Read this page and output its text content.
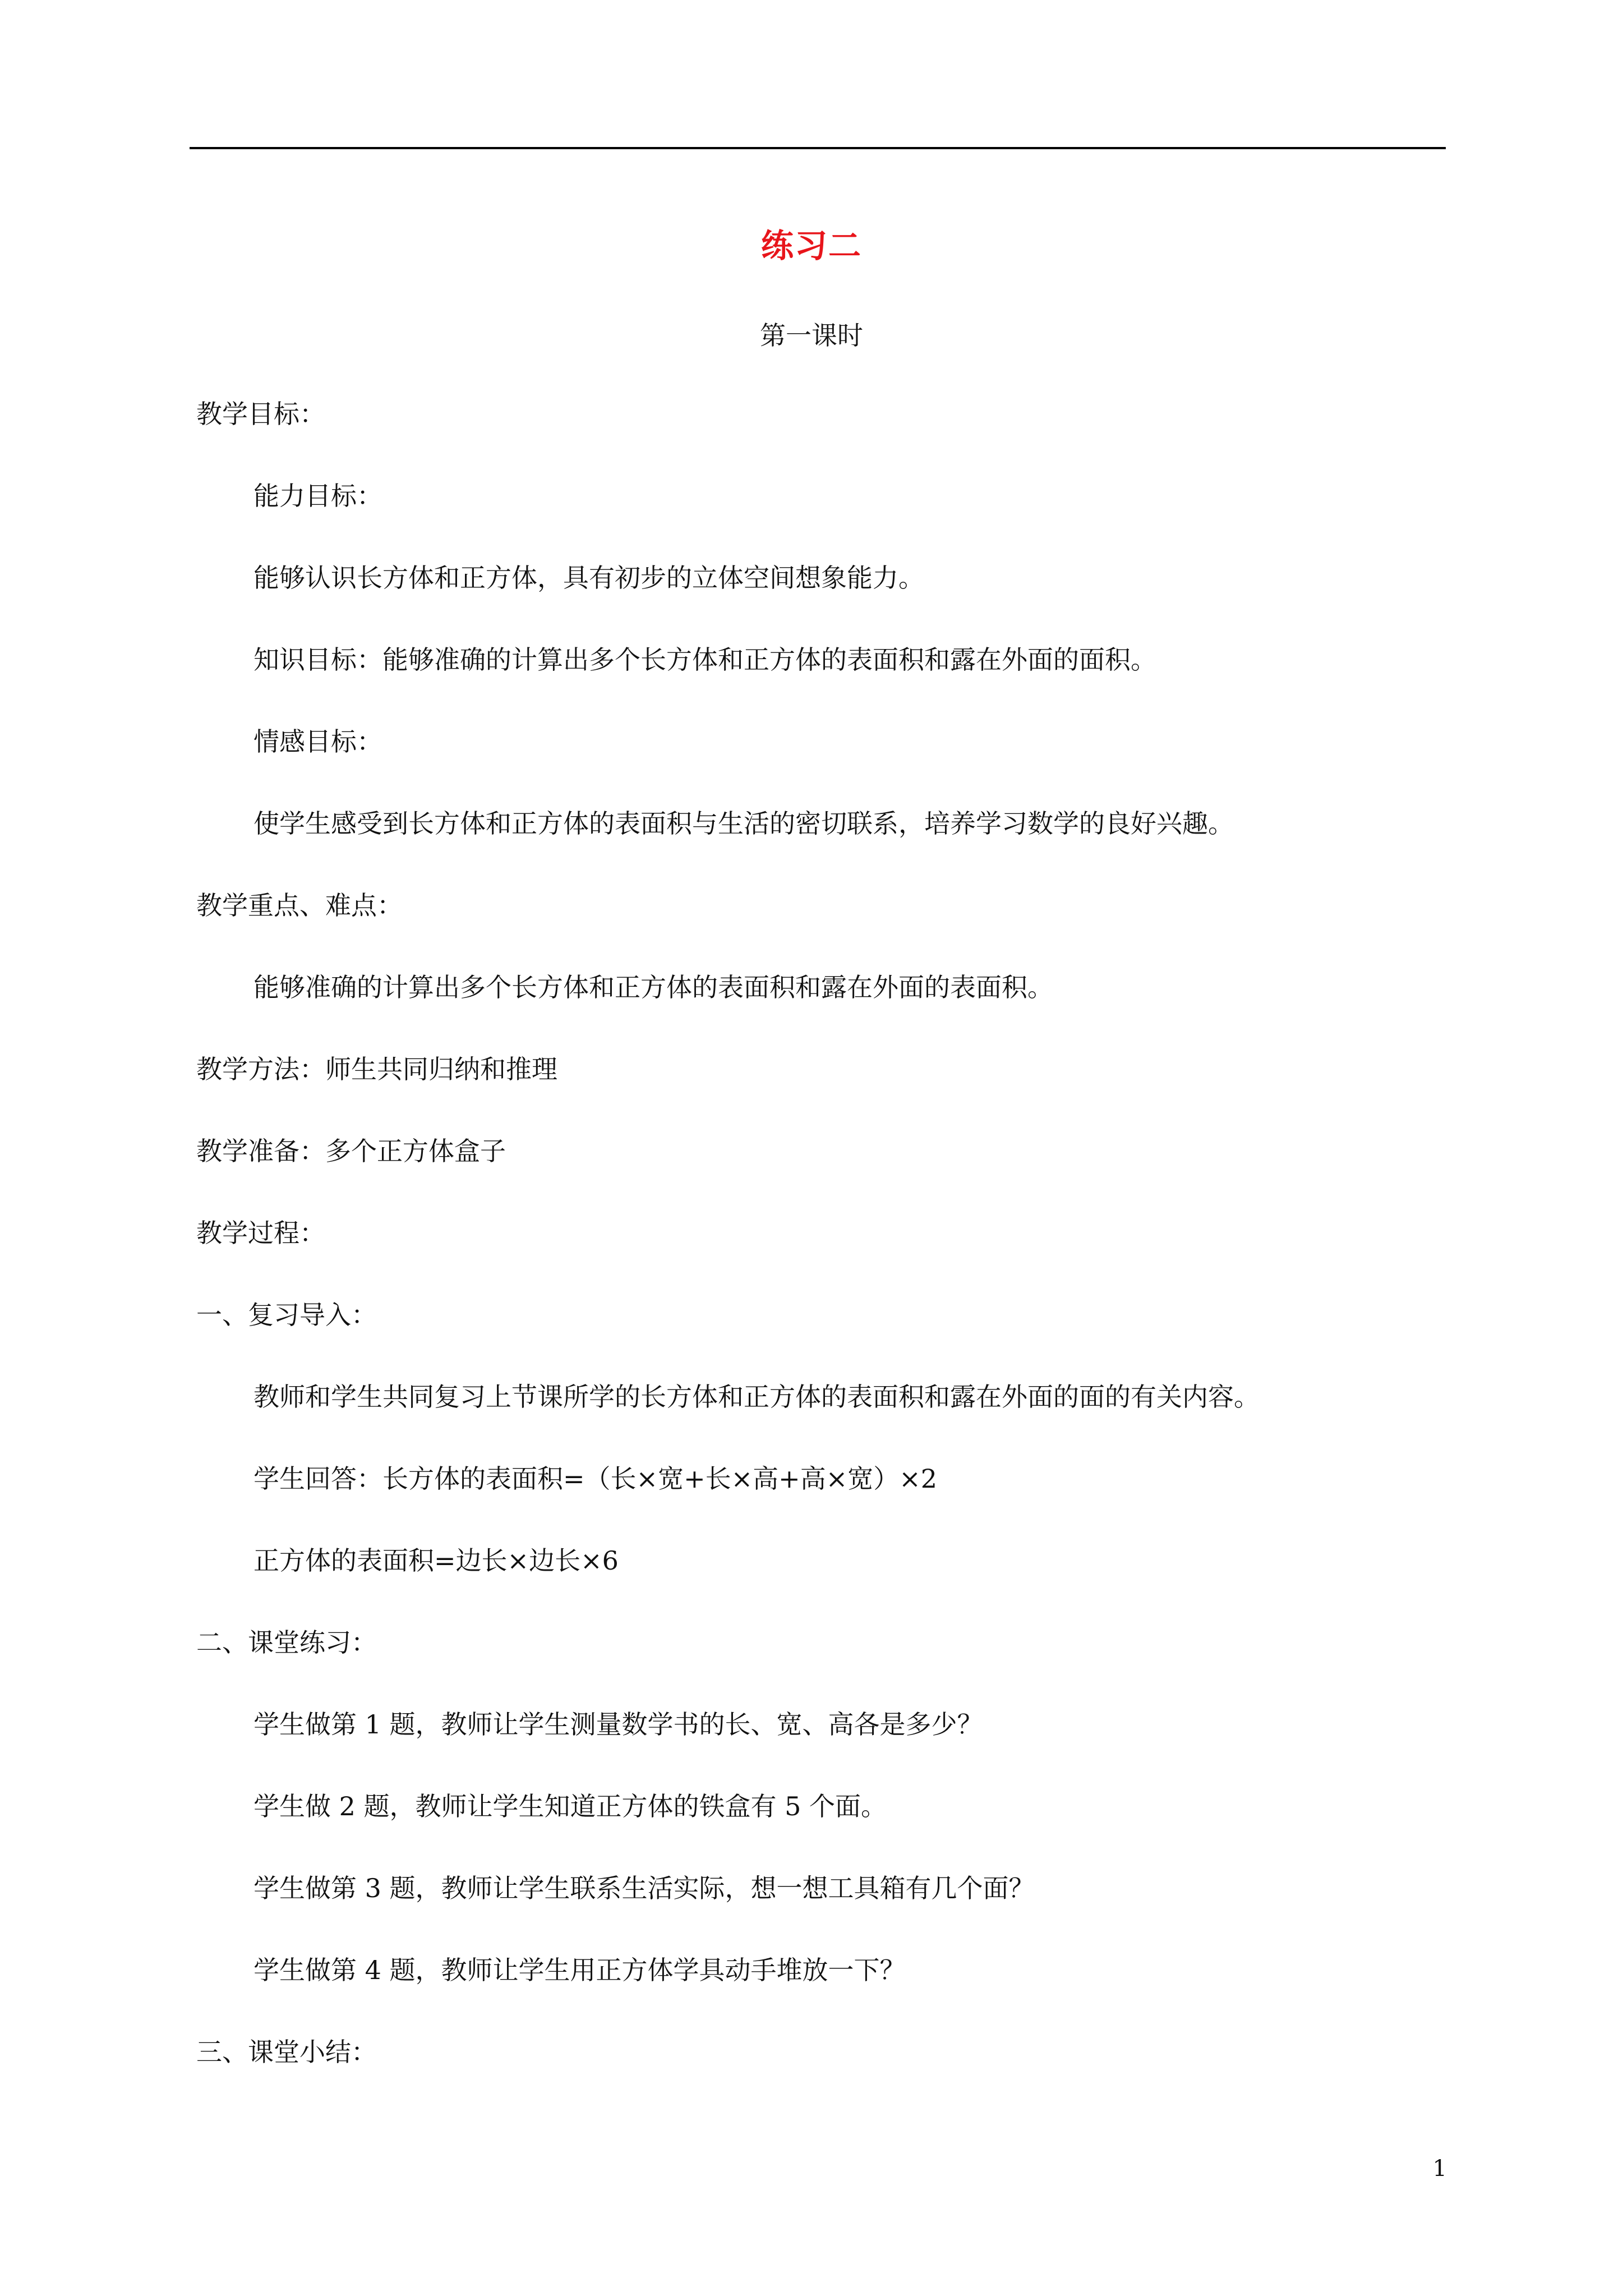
练习二
第一课时
教学目标：
能力目标：
能够认识长方体和正方体，具有初步的立体空间想象能力。
知识目标：能够准确的计算出多个长方体和正方体的表面积和露在外面的面积。
情感目标：
使学生感受到长方体和正方体的表面积与生活的密切联系，培养学习数学的良好兴趣。
教学重点、难点：
能够准确的计算出多个长方体和正方体的表面积和露在外面的表面积。
教学方法：师生共同归纳和推理
教学准备：多个正方体盒子
教学过程：
一、复习导入：
教师和学生共同复习上节课所学的长方体和正方体的表面积和露在外面的面的有关内容。
学生回答：长方体的表面积=（长×宽+长×高+高×宽）×2
正方体的表面积=边长×边长×6
二、课堂练习：
学生做第 1 题，教师让学生测量数学书的长、宽、高各是多少？
学生做 2 题，教师让学生知道正方体的铁盒有 5 个面。
学生做第 3 题，教师让学生联系生活实际，想一想工具箱有几个面？
学生做第 4 题，教师让学生用正方体学具动手堆放一下？
三、课堂小结：
1
